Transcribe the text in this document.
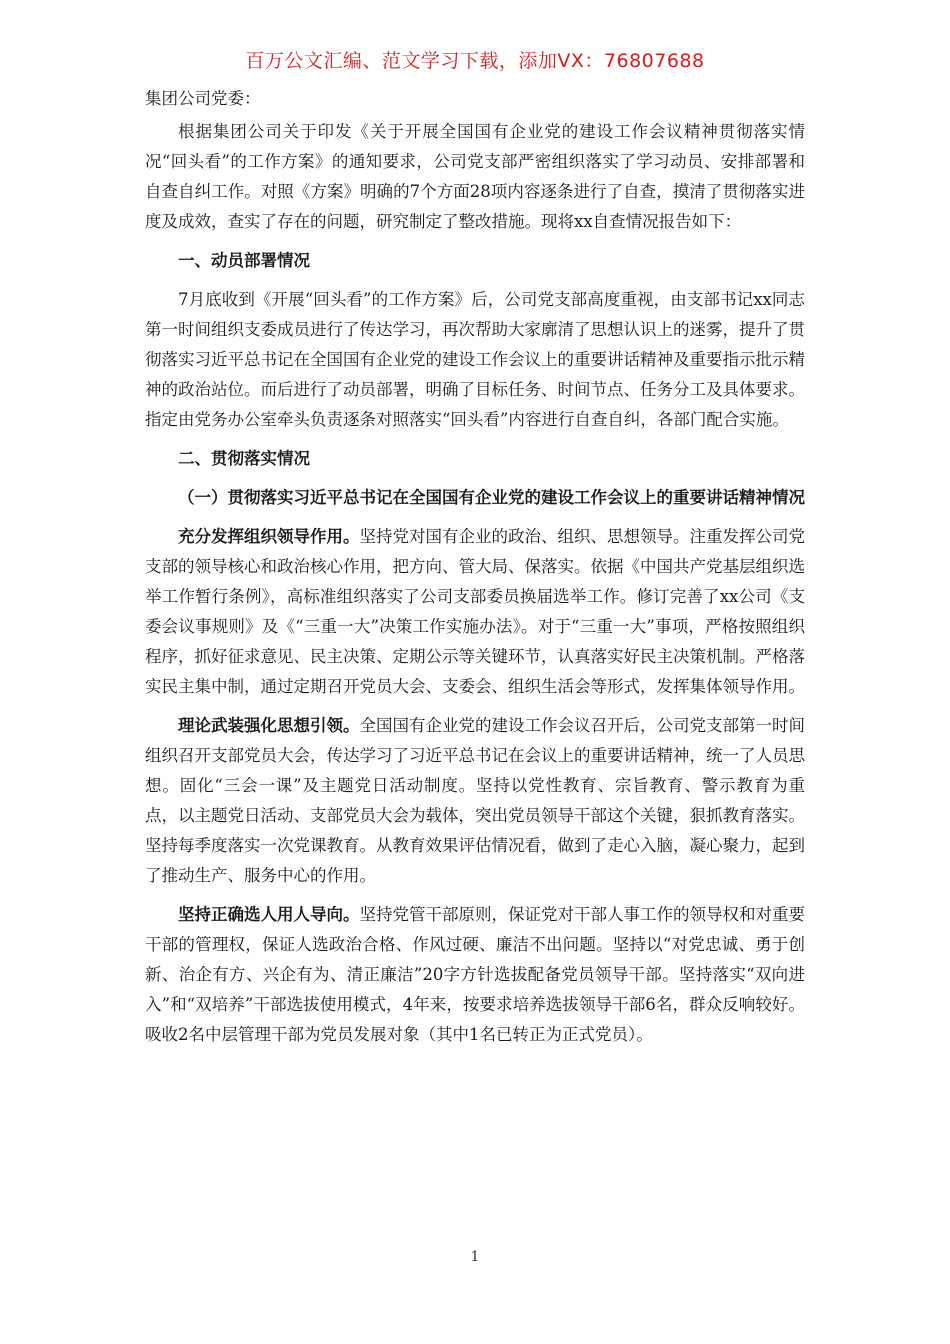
百万公文汇编、范文学习下载，添加VX：76807688

集团公司党委：

根据集团公司关于印发《关于开展全国国有企业党的建设工作会议精神贯彻落实情况“回头看”的工作方案》的通知要求，公司党支部严密组织落实了学习动员、安排部署和自查自纠工作。对照《方案》明确的7个方面28项内容逐条进行了自查，摸清了贯彻落实进度及成效，查实了存在的问题，研究制定了整改措施。现将xx自查情况报告如下：

一、动员部署情况

7月底收到《开展“回头看”的工作方案》后，公司党支部高度重视，由支部书记xx同志第一时间组织支委成员进行了传达学习，再次帮助大家廓清了思想认识上的迷雾，提升了贯彻落实习近平总书记在全国国有企业党的建设工作会议上的重要讲话精神及重要指示批示精神的政治站位。而后进行了动员部署，明确了目标任务、时间节点、任务分工及具体要求。指定由党务办公室牵头负责逐条对照落实“回头看”内容进行自查自纠，各部门配合实施。

二、贯彻落实情况

（一）贯彻落实习近平总书记在全国国有企业党的建设工作会议上的重要讲话精神情况

充分发挥组织领导作用。坚持党对国有企业的政治、组织、思想领导。注重发挥公司党支部的领导核心和政治核心作用，把方向、管大局、保落实。依据《中国共产党基层组织选举工作暂行条例》，高标准组织落实了公司支部委员换届选举工作。修订完善了xx公司《支委会议事规则》及《“三重一大”决策工作实施办法》。对于“三重一大”事项，严格按照组织程序，抓好征求意见、民主决策、定期公示等关键环节，认真落实好民主决策机制。严格落实民主集中制，通过定期召开党员大会、支委会、组织生活会等形式，发挥集体领导作用。

理论武装强化思想引领。全国国有企业党的建设工作会议召开后，公司党支部第一时间组织召开支部党员大会，传达学习了习近平总书记在会议上的重要讲话精神，统一了人员思想。固化“三会一课”及主题党日活动制度。坚持以党性教育、宗旨教育、警示教育为重点，以主题党日活动、支部党员大会为载体，突出党员领导干部这个关键，狠抓教育落实。坚持每季度落实一次党课教育。从教育效果评估情况看，做到了走心入脑，凝心聚力，起到了推动生产、服务中心的作用。

坚持正确选人用人导向。坚持党管干部原则，保证党对干部人事工作的领导权和对重要干部的管理权，保证人选政治合格、作风过硬、廉洁不出问题。坚持以“对党忠诚、勇于创新、治企有方、兴企有为、清正廉洁”20字方针选拔配备党员领导干部。坚持落实“双向进入”和“双培养”干部选拔使用模式，4年来，按要求培养选拔领导干部6名，群众反响较好。吸收2名中层管理干部为党员发展对象（其中1名已转正为正式党员）。

1
